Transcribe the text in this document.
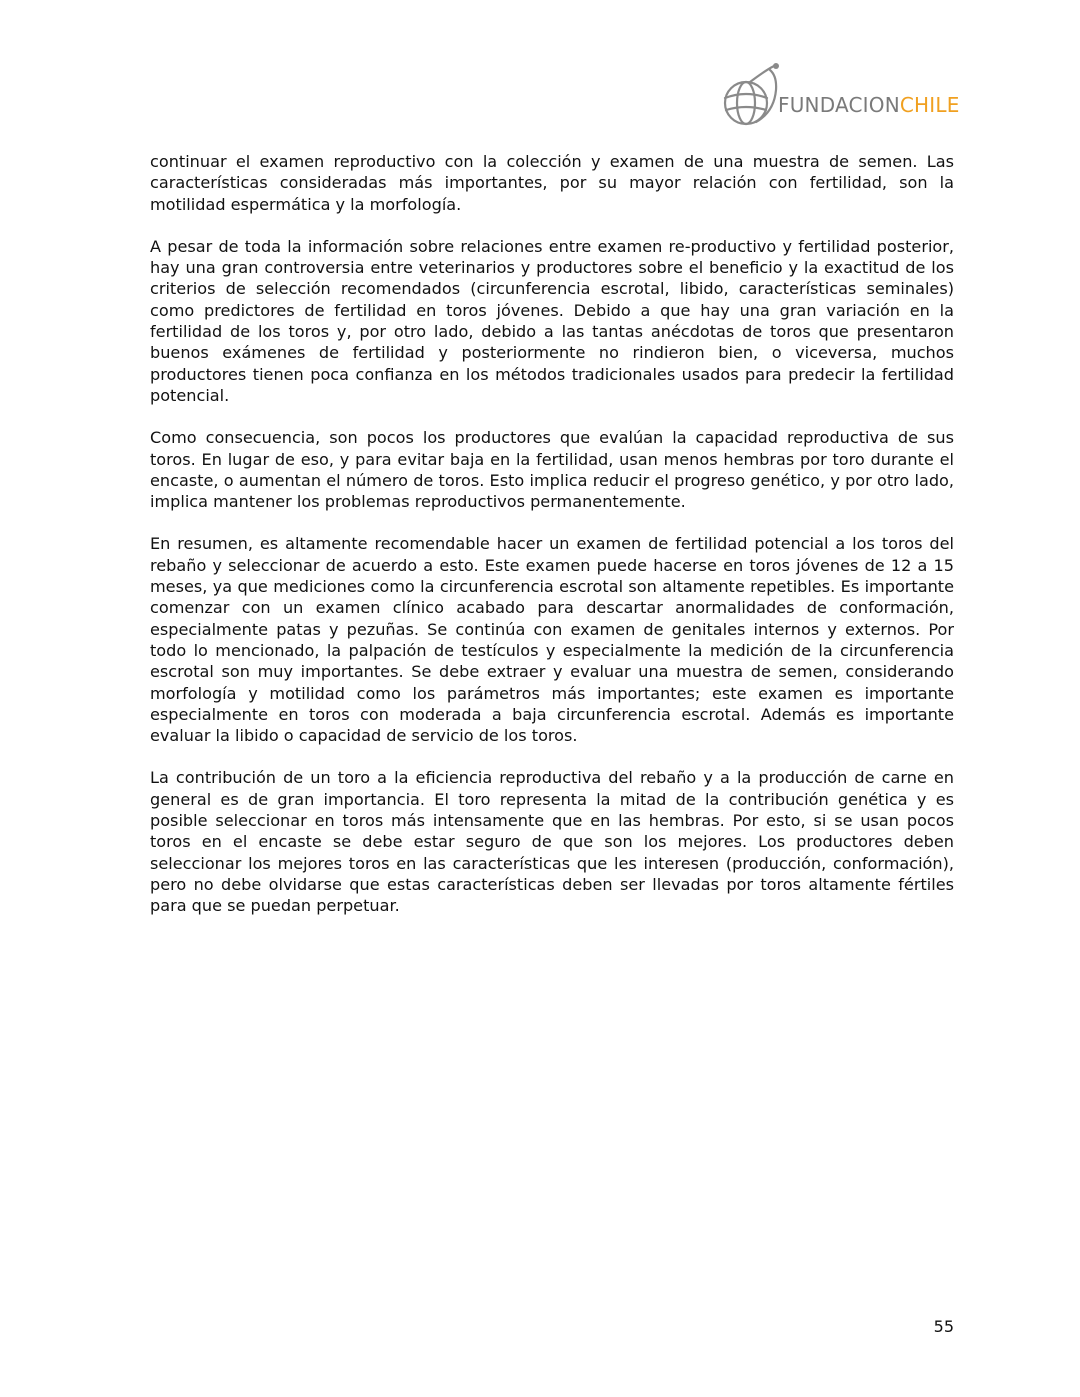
FUNDACIONCHILE

continuar el examen reproductivo con la colección y examen de una muestra de semen. Las características consideradas más importantes, por su mayor relación con fertilidad, son la motilidad espermática y la morfología.

A pesar de toda la información sobre relaciones entre examen re-productivo y fertilidad posterior, hay una gran controversia entre veterinarios y productores sobre el beneficio y la exactitud de los criterios de selección recomendados (circunferencia escrotal, libido, características seminales) como predictores de fertilidad en toros jóvenes. Debido a que hay una gran variación en la fertilidad de los toros y, por otro lado, debido a las tantas anécdotas de toros que presentaron buenos exámenes de fertilidad y posteriormente no rindieron bien, o viceversa, muchos productores tienen poca confianza en los métodos tradicionales usados para predecir la fertilidad potencial.

Como consecuencia, son pocos los productores que evalúan la capacidad reproductiva de sus toros. En lugar de eso, y para evitar baja en la fertilidad, usan menos hembras por toro durante el encaste, o aumentan el número de toros. Esto implica reducir el progreso genético, y por otro lado, implica mantener los problemas reproductivos permanentemente.

En resumen, es altamente recomendable hacer un examen de fertilidad potencial a los toros del rebaño y seleccionar de acuerdo a esto. Este examen puede hacerse en toros jóvenes de 12 a 15 meses, ya que mediciones como la circunferencia escrotal son altamente repetibles. Es importante comenzar con un examen clínico acabado para descartar anormalidades de conformación, especialmente patas y pezuñas. Se continúa con examen de genitales internos y externos. Por todo lo mencionado, la palpación de testículos y especialmente la medición de la circunferencia escrotal son muy importantes. Se debe extraer y evaluar una muestra de semen, considerando morfología y motilidad como los parámetros más importantes; este examen es importante especialmente en toros con moderada a baja circunferencia escrotal. Además es importante evaluar la libido o capacidad de servicio de los toros.

La contribución de un toro a la eficiencia reproductiva del rebaño y a la producción de carne en general es de gran importancia. El toro representa la mitad de la contribución genética y es posible seleccionar en toros más intensamente que en las hembras. Por esto, si se usan pocos toros en el encaste se debe estar seguro de que son los mejores. Los productores deben seleccionar los mejores toros en las características que les interesen (producción, conformación), pero no debe olvidarse que estas características deben ser llevadas por toros altamente fértiles para que se puedan perpetuar.

55
